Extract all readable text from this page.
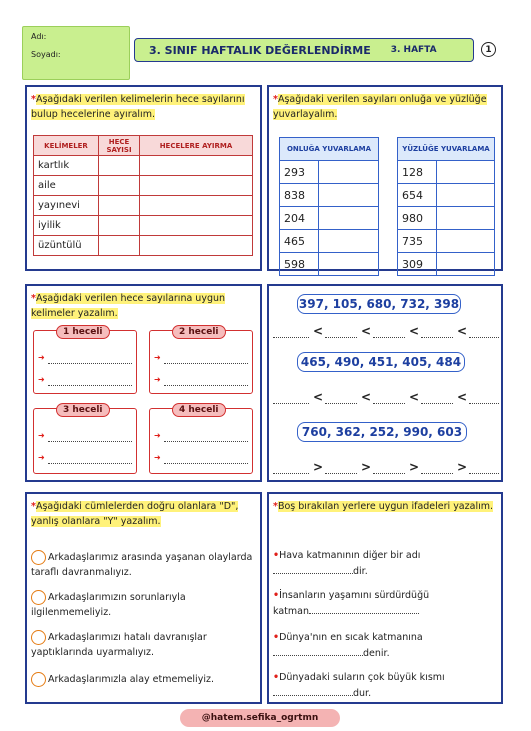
Adı:
Soyadı:	3. SINIF HAFTALIK DEĞERLENDİRME 3. HAFTA	1
*Aşağıdaki verilen kelimelerin hece sayılarını bulup hecelerine ayıralım.
KELİMELER	HECE SAYISI	HECELERE AYIRMA
kartlık		
aile		
yayınevi		
iyilik		
üzüntülü		
*Aşağıdaki verilen sayıları onluğa ve yüzlüğe yuvarlayalım.
ONLUĞA YUVARLAMA	
293	
838	
204	
465	
598	
YÜZLÜĞE YUVARLAMA	
128	
654	
980	
735	
309	
*Aşağıdaki verilen hece sayılarına uygun kelimeler yazalım.
1 heceli
➜
➜
2 heceli
➜
➜
3 heceli
➜
➜
4 heceli
➜
➜
397, 105, 680, 732, 398
<	<	<	<
465, 490, 451, 405, 484
<	<	<	<
760, 362, 252, 990, 603
>	>	>	>
*Aşağıdaki cümlelerden doğru olanlara "D", yanlış olanlara "Y" yazalım.
Arkadaşlarımız arasında yaşanan olaylarda taraflı davranmalıyız.
Arkadaşlarımızın sorunlarıyla ilgilenmemeliyiz.
Arkadaşlarımızı hatalı davranışlar yaptıklarında uyarmalıyız.
Arkadaşlarımızla alay etmemeliyiz.
*Boş bırakılan yerlere uygun ifadeleri yazalım.
•Hava katmanının diğer bir adı
dir.
•İnsanların yaşamını sürdürdüğü
katman
•Dünya'nın en sıcak katmanına
denir.
•Dünyadaki suların çok büyük kısmı
dur.
@hatem.sefika_ogrtmn
